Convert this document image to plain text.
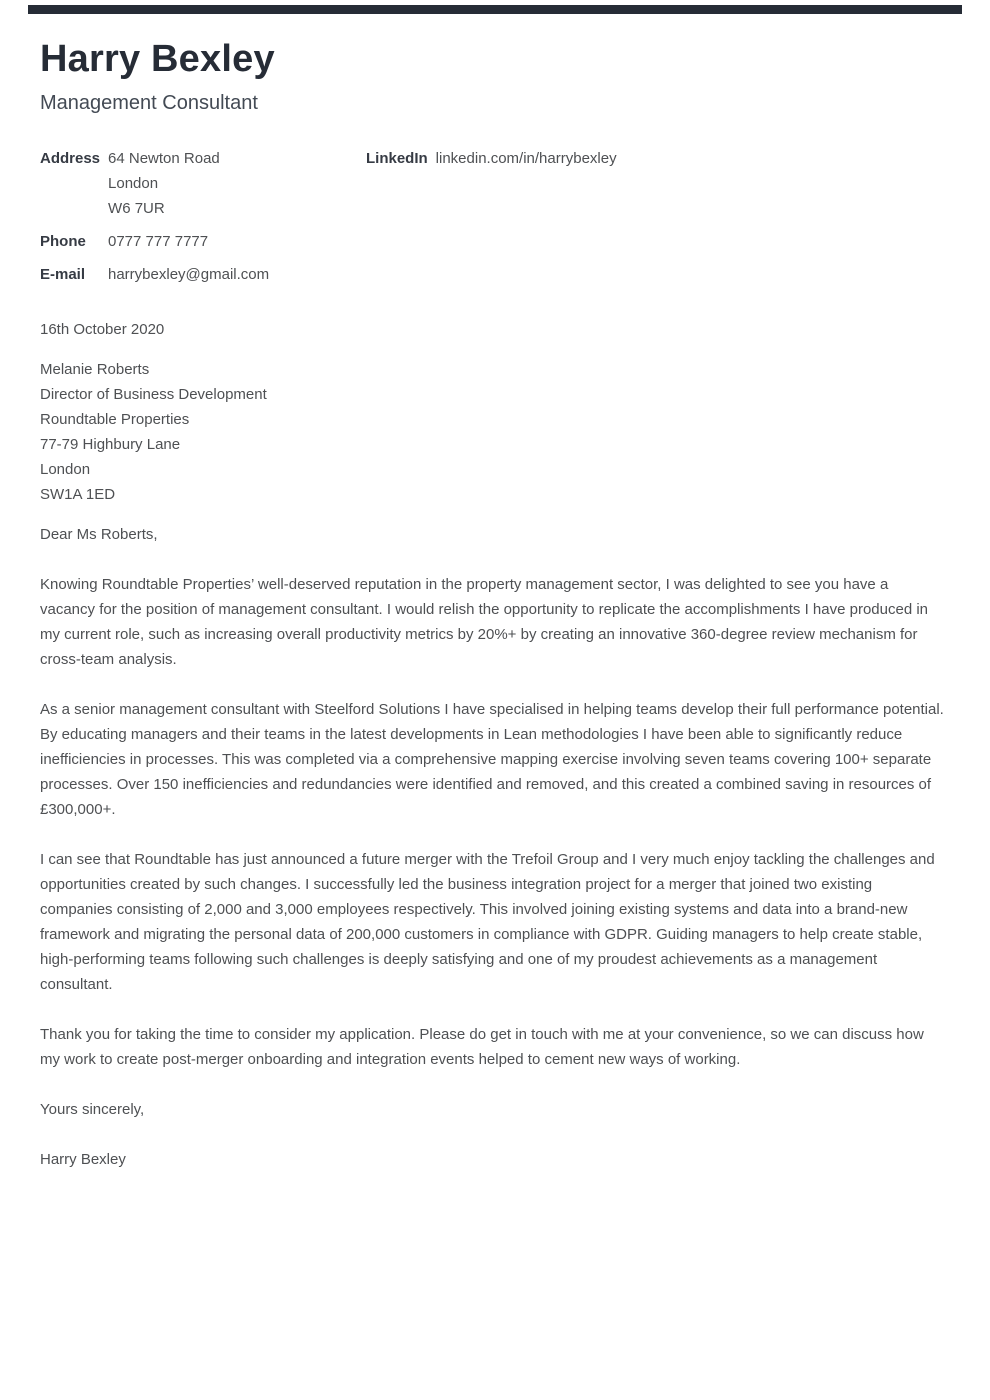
Harry Bexley
Management Consultant
Address 64 Newton Road
London
W6 7UR
LinkedIn linkedin.com/in/harrybexley
Phone	0777 777 7777
E-mail	harrybexley@gmail.com
16th October 2020
Melanie Roberts
Director of Business Development
Roundtable Properties
77-79 Highbury Lane
London
SW1A 1ED
Dear Ms Roberts,

Knowing Roundtable Properties’ well-deserved reputation in the property management sector, I was delighted to see you have a vacancy for the position of management consultant. I would relish the opportunity to replicate the accomplishments I have produced in my current role, such as increasing overall productivity metrics by 20%+ by creating an innovative 360-degree review mechanism for cross-team analysis.

As a senior management consultant with Steelford Solutions I have specialised in helping teams develop their full performance potential. By educating managers and their teams in the latest developments in Lean methodologies I have been able to significantly reduce inefficiencies in processes. This was completed via a comprehensive mapping exercise involving seven teams covering 100+ separate processes. Over 150 inefficiencies and redundancies were identified and removed, and this created a combined saving in resources of £300,000+.

I can see that Roundtable has just announced a future merger with the Trefoil Group and I very much enjoy tackling the challenges and opportunities created by such changes. I successfully led the business integration project for a merger that joined two existing companies consisting of 2,000 and 3,000 employees respectively. This involved joining existing systems and data into a brand-new framework and migrating the personal data of 200,000 customers in compliance with GDPR. Guiding managers to help create stable, high-performing teams following such challenges is deeply satisfying and one of my proudest achievements as a management consultant.

Thank you for taking the time to consider my application. Please do get in touch with me at your convenience, so we can discuss how my work to create post-merger onboarding and integration events helped to cement new ways of working.

Yours sincerely,
Harry Bexley
